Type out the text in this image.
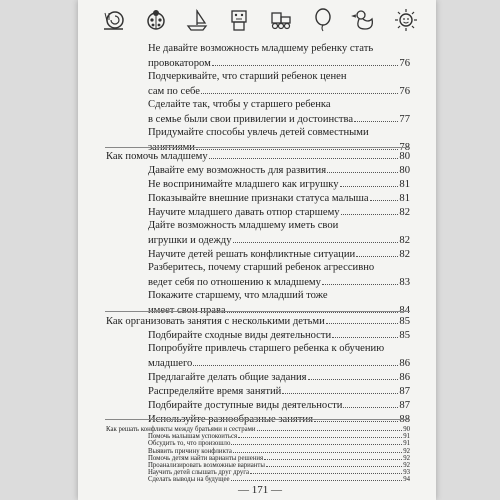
Не давайте возможность младшему ребенку стать
провокатором	76
Подчеркивайте, что старший ребенок ценен
сам по себе	76
Сделайте так, чтобы у старшего ребенка
в семье были свои привилегии и достоинства	77
Придумайте способы увлечь детей совместными
занятиями	78
Как помочь младшему	80
Давайте ему возможность для развития	80
Не воспринимайте младшего как игрушку	81
Показывайте внешние признаки статуса малыша	81
Научите младшего давать отпор старшему	82
Дайте возможность младшему иметь свои
игрушки и одежду	82
Научите детей решать конфликтные ситуации	82
Разберитесь, почему старший ребенок агрессивно
ведет себя по отношению к младшему	83
Покажите старшему, что младший тоже
имеет свои права	84
Как организовать занятия с несколькими детьми	85
Подбирайте сходные виды деятельности	85
Попробуйте привлечь старшего ребенка к обучению
младшего	86
Предлагайте делать общие задания	86
Распределяйте время занятий	87
Подбирайте доступные виды деятельности	87
Используйте разнообразные занятия	88
Как решать конфликты между братьями и сестрами	90
Помочь малышам успокоиться	91
Обсудить то, что произошло	91
Выявить причину конфликта	92
Помочь детям найти варианты решения	92
Проанализировать возможные варианты	92
Научить детей слышать друг друга	93
Сделать выводы на будущее	94
— 171 —
